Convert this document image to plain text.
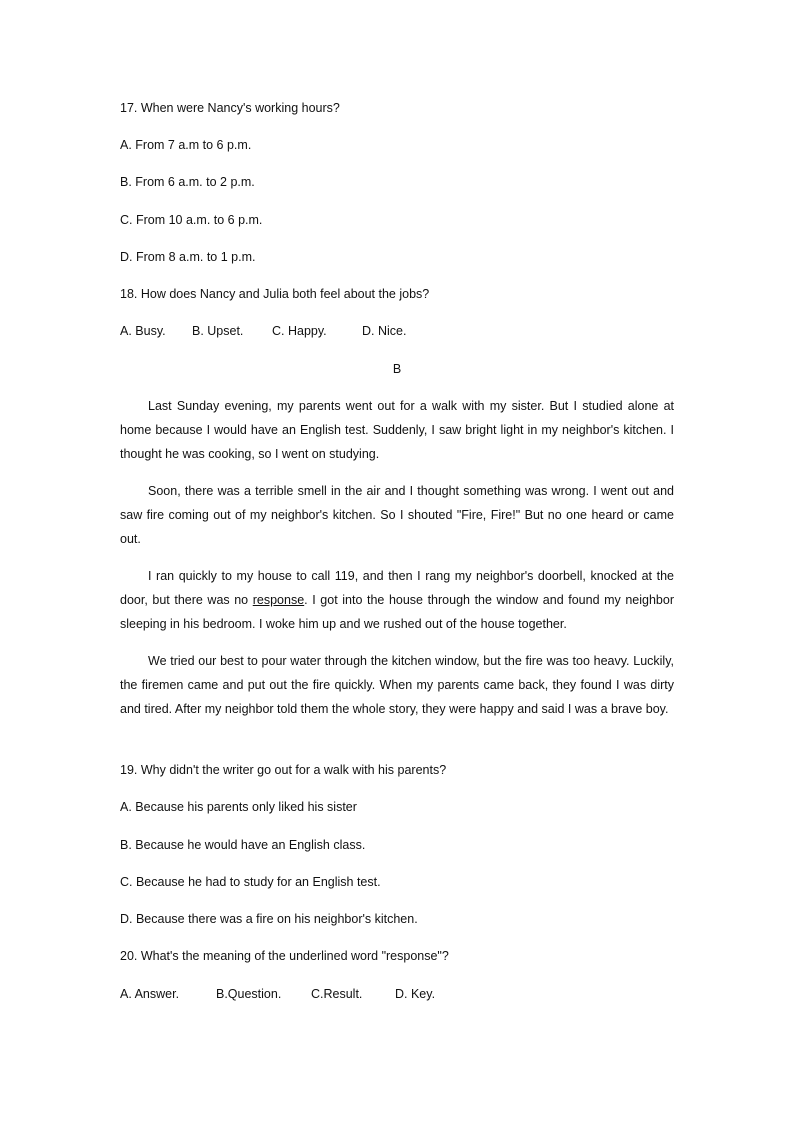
17. When were Nancy's working hours?
A. From 7 a.m to 6 p.m.
B. From 6 a.m. to 2 p.m.
C. From 10 a.m. to 6 p.m.
D. From 8 a.m. to 1 p.m.
18. How does Nancy and Julia both feel about the jobs?
A. Busy. B. Upset. C. Happy.	D. Nice.
B
Last Sunday evening, my parents went out for a walk with my sister. But I studied alone at home because I would have an English test. Suddenly, I saw bright light in my neighbor's kitchen. I thought he was cooking, so I went on studying.
Soon, there was a terrible smell in the air and I thought something was wrong. I went out and saw fire coming out of my neighbor's kitchen. So I shouted "Fire, Fire!" But no one heard or came out.
I ran quickly to my house to call 119, and then I rang my neighbor's doorbell, knocked at the door, but there was no response. I got into the house through the window and found my neighbor sleeping in his bedroom. I woke him up and we rushed out of the house together.
We tried our best to pour water through the kitchen window, but the fire was too heavy. Luckily, the firemen came and put out the fire quickly. When my parents came back, they found I was dirty and tired. After my neighbor told them the whole story, they were happy and said I was a brave boy.
19. Why didn't the writer go out for a walk with his parents?
A. Because his parents only liked his sister
B. Because he would have an English class.
C. Because he had to study for an English test.
D. Because there was a fire on his neighbor's kitchen.
20. What's the meaning of the underlined word "response"?
A. Answer.	B.Question. C.Result.	D. Key.
